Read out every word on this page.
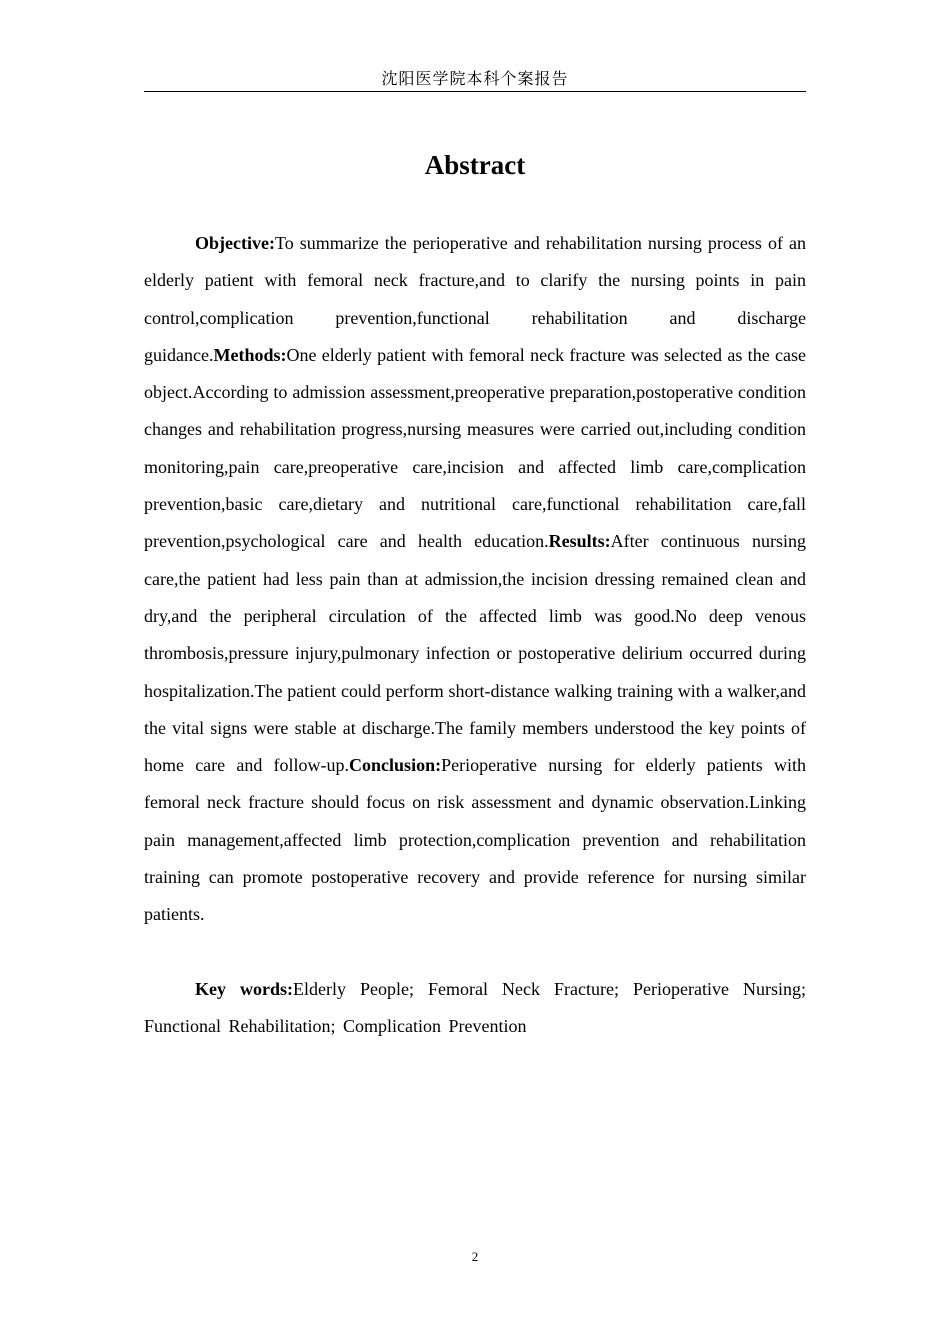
沈阳医学院本科个案报告
Abstract

Objective:To summarize the perioperative and rehabilitation nursing process of an elderly patient with femoral neck fracture,and to clarify the nursing points in pain control,complication prevention,functional rehabilitation and discharge guidance.Methods:One elderly patient with femoral neck fracture was selected as the case object.According to admission assessment,preoperative preparation,postoperative condition changes and rehabilitation progress,nursing measures were carried out,including condition monitoring,pain care,preoperative care,incision and affected limb care,complication prevention,basic care,dietary and nutritional care,functional rehabilitation care,fall prevention,psychological care and health education.Results:After continuous nursing care,the patient had less pain than at admission,the incision dressing remained clean and dry,and the peripheral circulation of the affected limb was good.No deep venous thrombosis,pressure injury,pulmonary infection or postoperative delirium occurred during hospitalization.The patient could perform short-distance walking training with a walker,and the vital signs were stable at discharge.The family members understood the key points of home care and follow-up.Conclusion:Perioperative nursing for elderly patients with femoral neck fracture should focus on risk assessment and dynamic observation.Linking pain management,affected limb protection,complication prevention and rehabilitation training can promote postoperative recovery and provide reference for nursing similar patients.

Key words:Elderly People; Femoral Neck Fracture; Perioperative Nursing; Functional Rehabilitation; Complication Prevention

2
